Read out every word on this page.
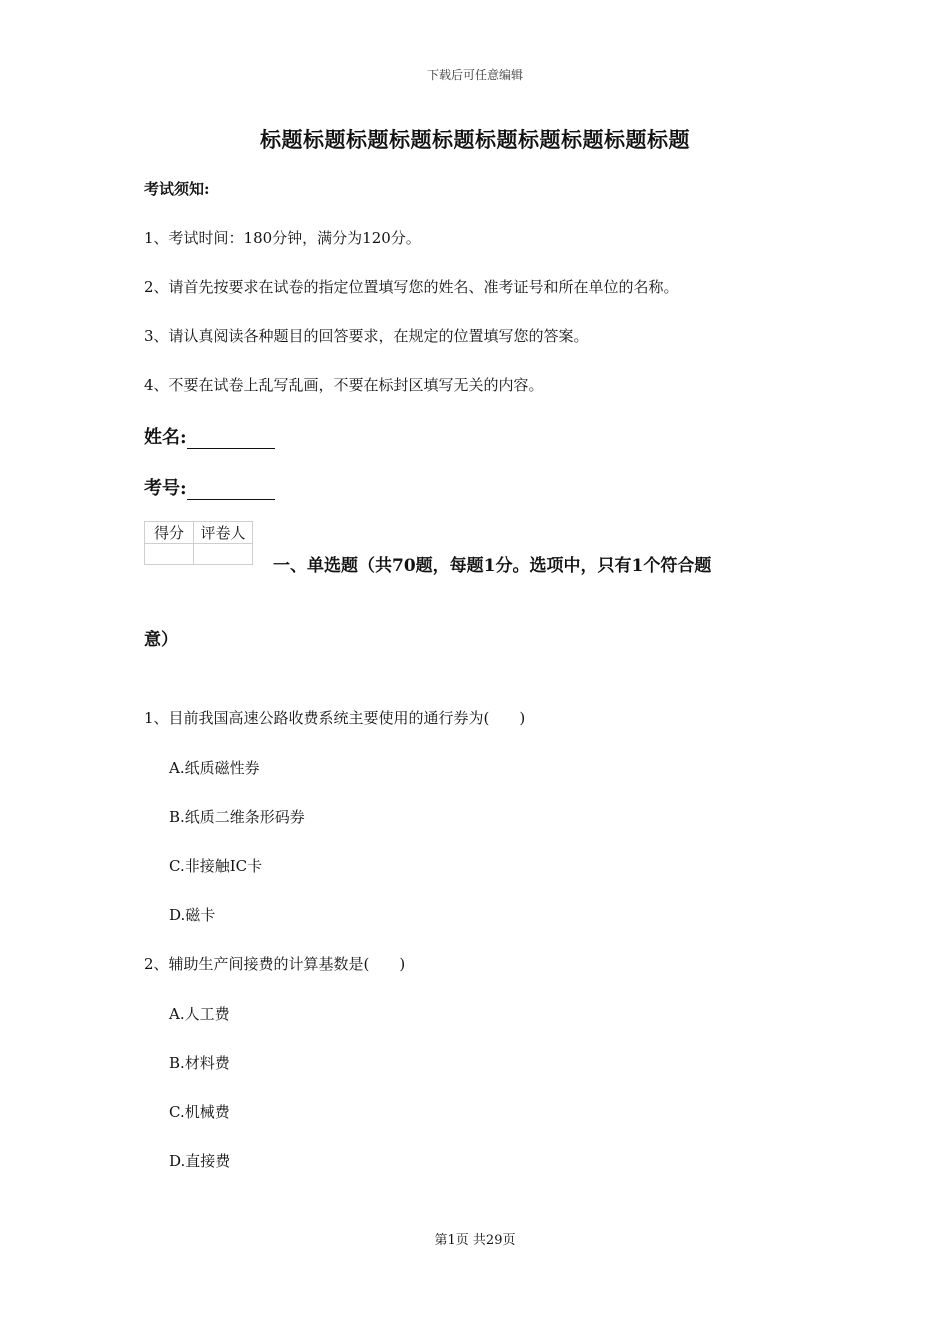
下载后可任意编辑
标题标题标题标题标题标题标题标题标题标题
考试须知:
1、考试时间：180分钟，满分为120分。
2、请首先按要求在试卷的指定位置填写您的姓名、准考证号和所在单位的名称。
3、请认真阅读各种题目的回答要求，在规定的位置填写您的答案。
4、不要在试卷上乱写乱画，不要在标封区填写无关的内容。
姓名:
考号:
得分	评卷人

一、单选题（共70题，每题1分。选项中，只有1个符合题
意）
1、目前我国高速公路收费系统主要使用的通行券为(　　)
A.纸质磁性券
B.纸质二维条形码券
C.非接触IC卡
D.磁卡
2、辅助生产间接费的计算基数是(　　)
A.人工费
B.材料费
C.机械费
D.直接费
第1页 共29页
